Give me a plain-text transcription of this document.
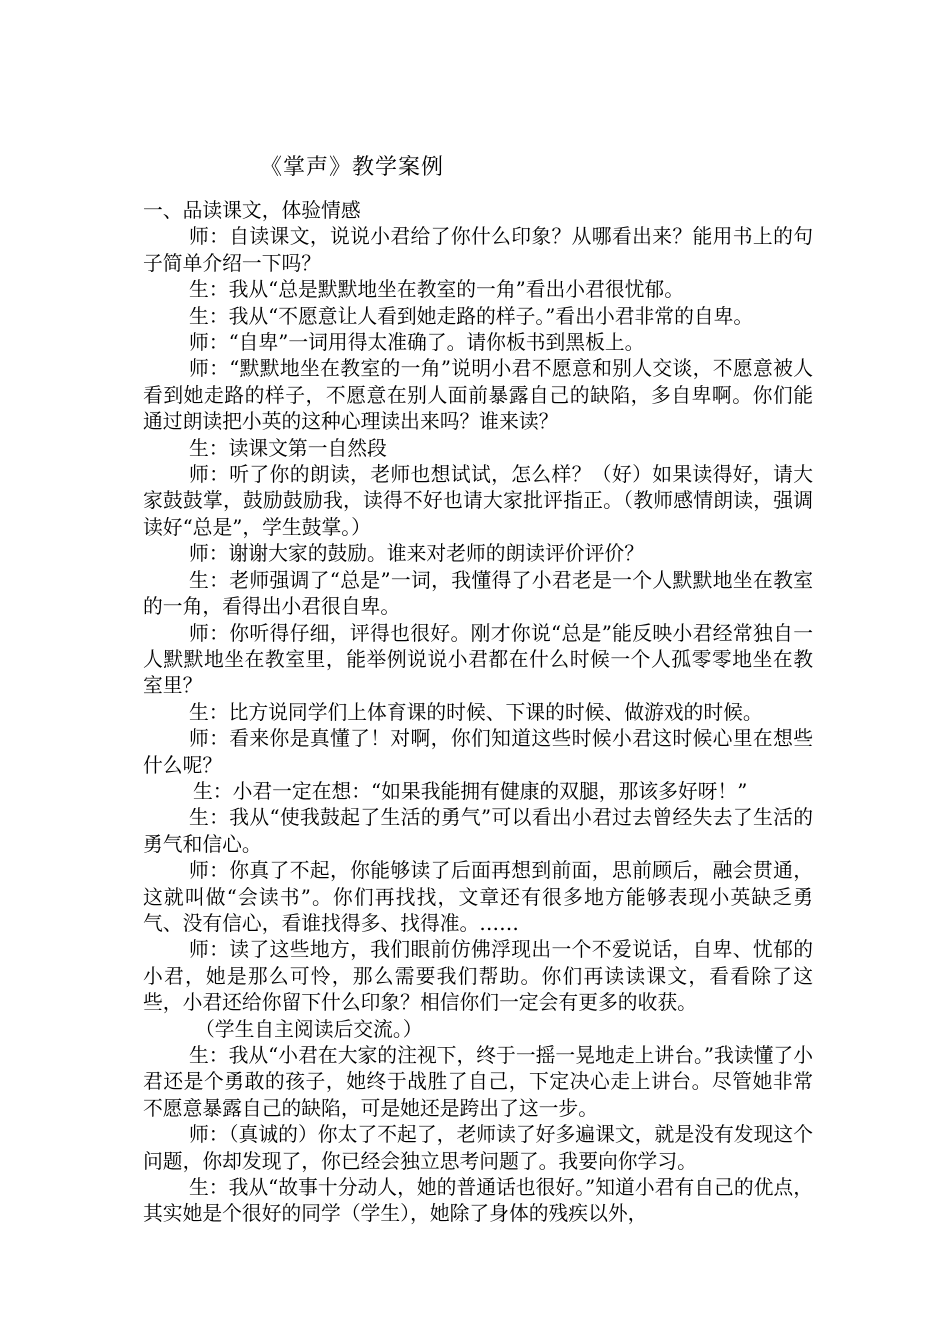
《掌声》教学案例

一、品读课文，体验情感

师：自读课文，说说小君给了你什么印象？从哪看出来？能用书上的句子简单介绍一下吗？

生：我从“总是默默地坐在教室的一角”看出小君很忧郁。

生：我从“不愿意让人看到她走路的样子。”看出小君非常的自卑。

师：“自卑”一词用得太准确了。请你板书到黑板上。

师：“默默地坐在教室的一角”说明小君不愿意和别人交谈，不愿意被人看到她走路的样子，不愿意在别人面前暴露自己的缺陷，多自卑啊。你们能通过朗读把小英的这种心理读出来吗？谁来读？

生：读课文第一自然段

师：听了你的朗读，老师也想试试，怎么样？（好）如果读得好，请大家鼓鼓掌，鼓励鼓励我，读得不好也请大家批评指正。（教师感情朗读，强调读好“总是”，学生鼓掌。）

师：谢谢大家的鼓励。谁来对老师的朗读评价评价？

生：老师强调了“总是”一词，我懂得了小君老是一个人默默地坐在教室的一角，看得出小君很自卑。

师：你听得仔细，评得也很好。刚才你说“总是”能反映小君经常独自一人默默地坐在教室里，能举例说说小君都在什么时候一个人孤零零地坐在教室里？

生：比方说同学们上体育课的时候、下课的时候、做游戏的时候。

师：看来你是真懂了！对啊，你们知道这些时候小君这时候心里在想些什么呢？

生：小君一定在想：“如果我能拥有健康的双腿，那该多好呀！”

生：我从“使我鼓起了生活的勇气”可以看出小君过去曾经失去了生活的勇气和信心。

师：你真了不起，你能够读了后面再想到前面，思前顾后，融会贯通，这就叫做“会读书”。你们再找找，文章还有很多地方能够表现小英缺乏勇气、没有信心，看谁找得多、找得准。……

师：读了这些地方，我们眼前仿佛浮现出一个不爱说话，自卑、忧郁的小君，她是那么可怜，那么需要我们帮助。你们再读读课文，看看除了这些，小君还给你留下什么印象？相信你们一定会有更多的收获。

（学生自主阅读后交流。）

生：我从“小君在大家的注视下，终于一摇一晃地走上讲台。”我读懂了小君还是个勇敢的孩子，她终于战胜了自己，下定决心走上讲台。尽管她非常不愿意暴露自己的缺陷，可是她还是跨出了这一步。

师：（真诚的）你太了不起了，老师读了好多遍课文，就是没有发现这个问题，你却发现了，你已经会独立思考问题了。我要向你学习。

生：我从“故事十分动人，她的普通话也很好。”知道小君有自己的优点，其实她是个很好的同学（学生），她除了身体的残疾以外，
